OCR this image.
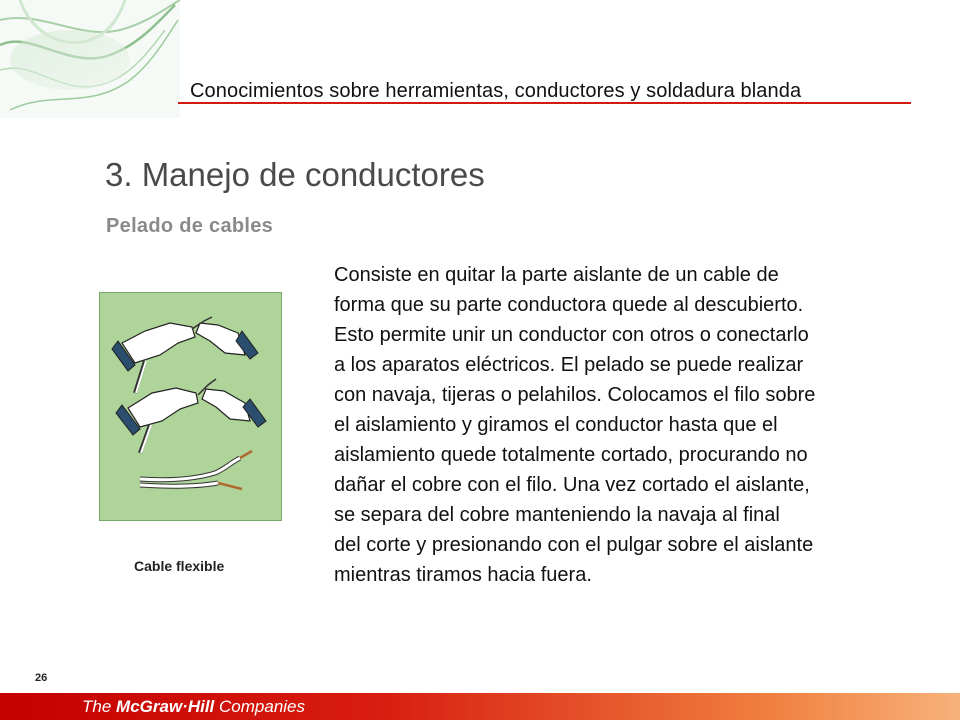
Conocimientos sobre herramientas, conductores y soldadura blanda
3. Manejo de conductores
Pelado de cables
Cable flexible
Consiste en quitar la parte aislante de un cable de
forma que su parte conductora quede al descubierto.
Esto permite unir un conductor con otros o conectarlo
a los aparatos eléctricos. El pelado se puede realizar
con navaja, tijeras o pelahilos. Colocamos el filo sobre
el aislamiento y giramos el conductor hasta que el
aislamiento quede totalmente cortado, procurando no
dañar el cobre con el filo. Una vez cortado el aislante,
se separa del cobre manteniendo la navaja al final
del corte y presionando con el pulgar sobre el aislante
mientras tiramos hacia fuera.
26
The McGraw·Hill Companies
